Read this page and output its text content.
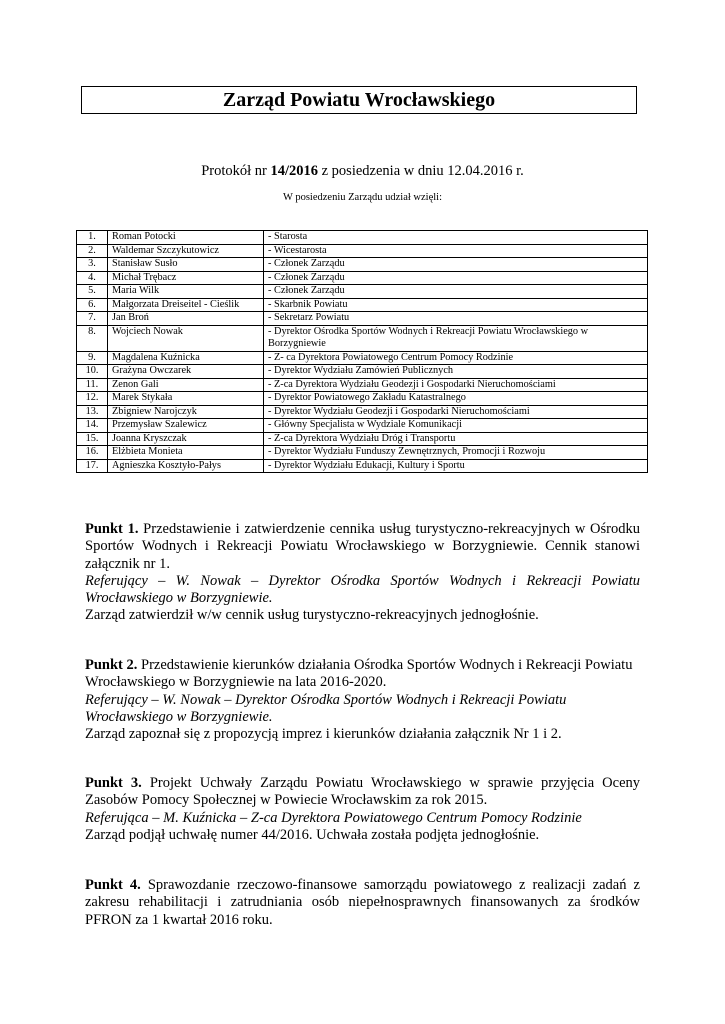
Zarząd Powiatu Wrocławskiego
Protokół nr 14/2016 z posiedzenia w dniu 12.04.2016 r.
W posiedzeniu Zarządu udział wzięli:
1.	Roman Potocki	- Starosta
2.	Waldemar Szczykutowicz	- Wicestarosta
3.	Stanisław Susło	- Członek Zarządu
4.	Michał Trębacz	- Członek Zarządu
5.	Maria Wilk	- Członek Zarządu
6.	Małgorzata Dreiseitel - Cieślik	- Skarbnik Powiatu
7.	Jan Broń	- Sekretarz Powiatu
8.	Wojciech Nowak	- Dyrektor Ośrodka Sportów Wodnych i Rekreacji Powiatu Wrocławskiego w Borzygniewie
9.	Magdalena Kuźnicka	- Z- ca Dyrektora Powiatowego Centrum Pomocy Rodzinie
10.	Grażyna Owczarek	- Dyrektor Wydziału Zamówień Publicznych
11.	Zenon Gali	- Z-ca Dyrektora Wydziału Geodezji i Gospodarki Nieruchomościami
12.	Marek Stykała	- Dyrektor Powiatowego Zakładu Katastralnego
13.	Zbigniew Narojczyk	- Dyrektor Wydziału Geodezji i Gospodarki Nieruchomościami
14.	Przemysław Szalewicz	- Główny Specjalista w Wydziale Komunikacji
15.	Joanna Kryszczak	- Z-ca Dyrektora Wydziału Dróg i Transportu
16.	Elżbieta Monieta	- Dyrektor Wydziału Funduszy Zewnętrznych, Promocji i Rozwoju
17.	Agnieszka Kosztyło-Pałys	- Dyrektor Wydziału Edukacji, Kultury i Sportu
Punkt 1. Przedstawienie i zatwierdzenie cennika usług turystyczno-rekreacyjnych w Ośrodku Sportów Wodnych i Rekreacji Powiatu Wrocławskiego w Borzygniewie. Cennik stanowi załącznik nr 1.
Referujący – W. Nowak – Dyrektor Ośrodka Sportów Wodnych i Rekreacji Powiatu Wrocławskiego w Borzygniewie.
Zarząd zatwierdził w/w cennik usług turystyczno-rekreacyjnych jednogłośnie.
Punkt 2. Przedstawienie kierunków działania Ośrodka Sportów Wodnych i Rekreacji Powiatu Wrocławskiego w Borzygniewie na lata 2016-2020.
Referujący – W. Nowak – Dyrektor Ośrodka Sportów Wodnych i Rekreacji Powiatu Wrocławskiego w Borzygniewie.
Zarząd zapoznał się z propozycją imprez i kierunków działania załącznik Nr 1 i 2.
Punkt 3. Projekt Uchwały Zarządu Powiatu Wrocławskiego w sprawie przyjęcia Oceny Zasobów Pomocy Społecznej w Powiecie Wrocławskim za rok 2015.
Referująca – M. Kuźnicka – Z-ca Dyrektora Powiatowego Centrum Pomocy Rodzinie
Zarząd podjął uchwałę numer 44/2016. Uchwała została podjęta jednogłośnie.
Punkt 4. Sprawozdanie rzeczowo-finansowe samorządu powiatowego z realizacji zadań z zakresu rehabilitacji i zatrudniania osób niepełnosprawnych finansowanych za środków PFRON za 1 kwartał 2016 roku.
